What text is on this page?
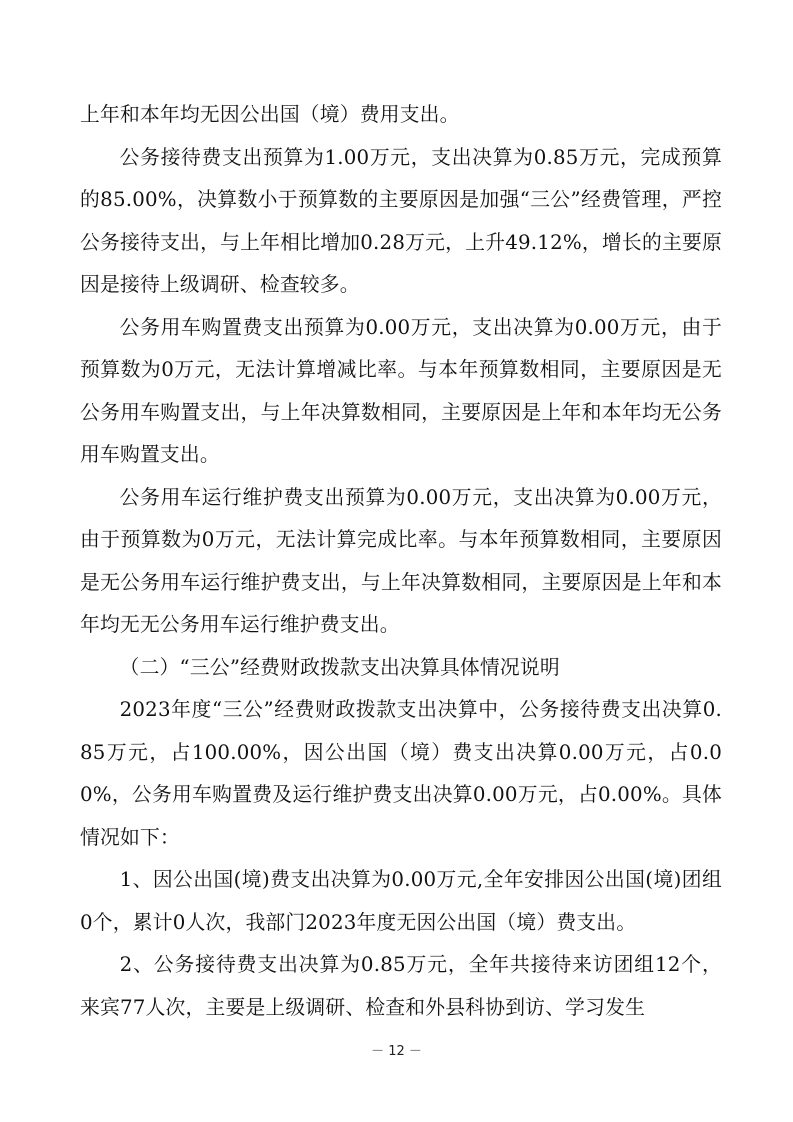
上年和本年均无因公出国（境）费用支出。

公务接待费支出预算为1.00万元，支出决算为0.85万元，完成预算的85.00%，决算数小于预算数的主要原因是加强“三公”经费管理，严控公务接待支出，与上年相比增加0.28万元，上升49.12%，增长的主要原因是接待上级调研、检查较多。

公务用车购置费支出预算为0.00万元，支出决算为0.00万元，由于预算数为0万元，无法计算增减比率。与本年预算数相同，主要原因是无公务用车购置支出，与上年决算数相同，主要原因是上年和本年均无公务用车购置支出。

公务用车运行维护费支出预算为0.00万元，支出决算为0.00万元，由于预算数为0万元，无法计算完成比率。与本年预算数相同，主要原因是无公务用车运行维护费支出，与上年决算数相同，主要原因是上年和本年均无无公务用车运行维护费支出。

（二）“三公”经费财政拨款支出决算具体情况说明

2023年度“三公”经费财政拨款支出决算中，公务接待费支出决算0.85万元，占100.00%，因公出国（境）费支出决算0.00万元，占0.00%，公务用车购置费及运行维护费支出决算0.00万元，占0.00%。具体情况如下：

1、因公出国(境)费支出决算为0.00万元,全年安排因公出国(境)团组0个，累计0人次，我部门2023年度无因公出国（境）费支出。

2、公务接待费支出决算为0.85万元，全年共接待来访团组12个，来宾77人次，主要是上级调研、检查和外县科协到访、学习发生

－ 12 －
